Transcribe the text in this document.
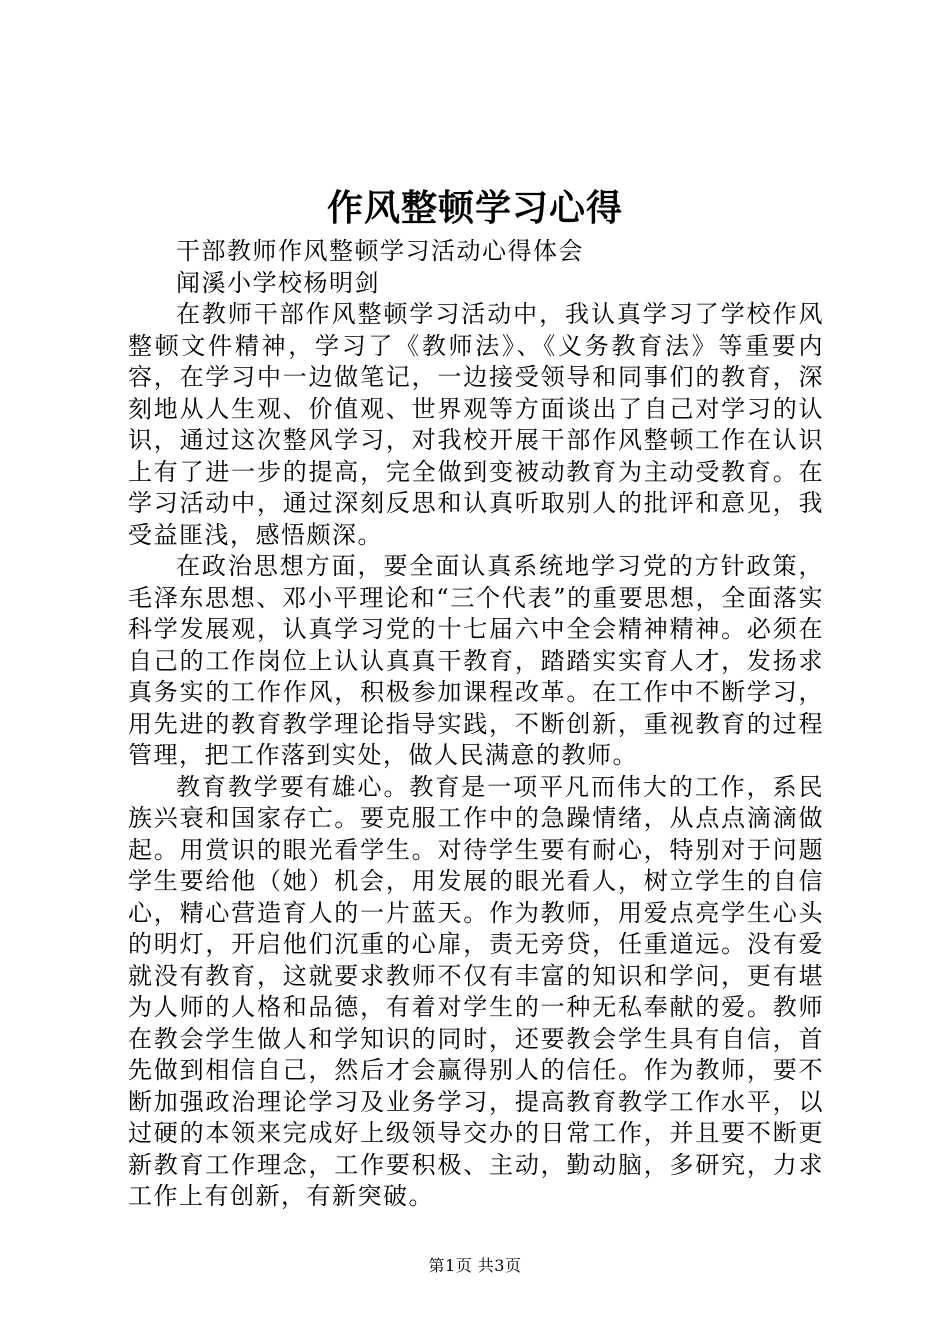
作风整顿学习心得

干部教师作风整顿学习活动心得体会

闻溪小学校杨明剑

在教师干部作风整顿学习活动中，我认真学习了学校作风整顿文件精神，学习了《教师法》、《义务教育法》等重要内容，在学习中一边做笔记，一边接受领导和同事们的教育，深刻地从人生观、价值观、世界观等方面谈出了自己对学习的认识，通过这次整风学习，对我校开展干部作风整顿工作在认识上有了进一步的提高，完全做到变被动教育为主动受教育。在学习活动中，通过深刻反思和认真听取别人的批评和意见，我受益匪浅，感悟颇深。

在政治思想方面，要全面认真系统地学习党的方针政策，毛泽东思想、邓小平理论和“三个代表”的重要思想，全面落实科学发展观，认真学习党的十七届六中全会精神精神。必须在自己的工作岗位上认认真真干教育，踏踏实实育人才，发扬求真务实的工作作风，积极参加课程改革。在工作中不断学习，用先进的教育教学理论指导实践，不断创新，重视教育的过程管理，把工作落到实处，做人民满意的教师。

教育教学要有雄心。教育是一项平凡而伟大的工作，系民族兴衰和国家存亡。要克服工作中的急躁情绪，从点点滴滴做起。用赏识的眼光看学生。对待学生要有耐心，特别对于问题学生要给他（她）机会，用发展的眼光看人，树立学生的自信心，精心营造育人的一片蓝天。作为教师，用爱点亮学生心头的明灯，开启他们沉重的心扉，责无旁贷，任重道远。没有爱就没有教育，这就要求教师不仅有丰富的知识和学问，更有堪为人师的人格和品德，有着对学生的一种无私奉献的爱。教师在教会学生做人和学知识的同时，还要教会学生具有自信，首先做到相信自己，然后才会赢得别人的信任。作为教师，要不断加强政治理论学习及业务学习，提高教育教学工作水平，以过硬的本领来完成好上级领导交办的日常工作，并且要不断更新教育工作理念，工作要积极、主动，勤动脑，多研究，力求工作上有创新，有新突破。

第1页 共3页
